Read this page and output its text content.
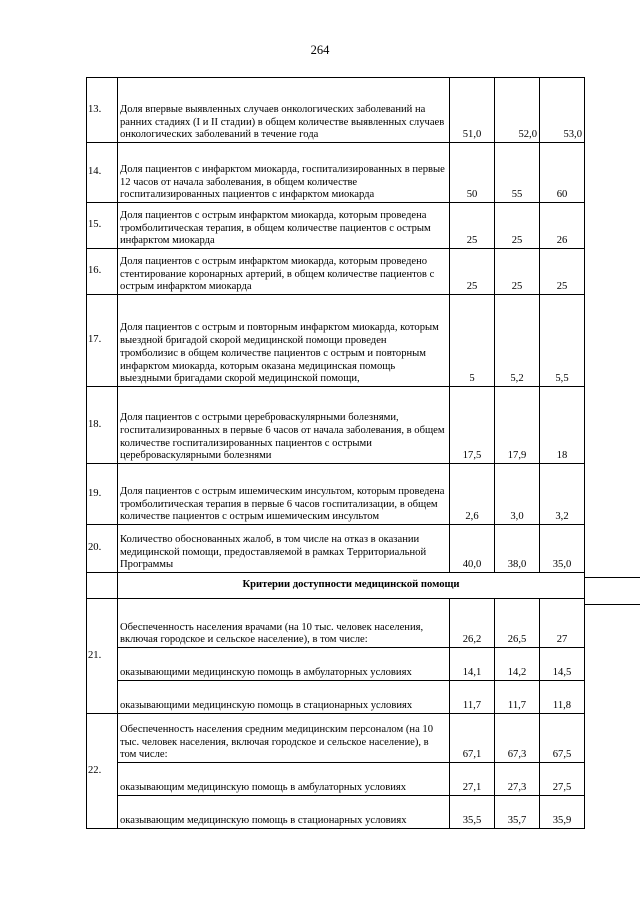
264
13.	Доля впервые выявленных случаев онкологических заболеваний на ранних стадиях (I и II стадии) в общем количестве выявленных случаев онкологических заболеваний в течение года	51,0	52,0	53,0
14.	Доля пациентов с инфарктом миокарда, госпитализированных в первые 12 часов от начала заболевания, в общем количестве госпитализированных пациентов с инфарктом миокарда	50	55	60
15.	Доля пациентов с острым инфарктом миокарда, которым проведена тромболитическая терапия, в общем количестве пациентов с острым инфарктом миокарда	25	25	26
16.	Доля пациентов с острым инфарктом миокарда, которым проведено стентирование коронарных артерий, в общем количестве пациентов с острым инфарктом миокарда	25	25	25
17.	Доля пациентов с острым и повторным инфарктом миокарда, которым выездной бригадой скорой медицинской помощи проведен тромболизис в общем количестве пациентов с острым и повторным инфарктом миокарда, которым оказана медицинская помощь выездными бригадами скорой медицинской помощи,	5	5,2	5,5
18.	Доля пациентов с острыми цереброваскулярными болезнями, госпитализированных в первые 6 часов от начала заболевания, в общем количестве госпитализированных пациентов с острыми цереброваскулярными болезнями	17,5	17,9	18
19.	Доля пациентов с острым ишемическим инсультом, которым проведена тромболитическая терапия в первые 6 часов госпитализации, в общем количестве пациентов с острым ишемическим инсультом	2,6	3,0	3,2
20.	Количество обоснованных жалоб, в том числе на отказ в оказании медицинской помощи, предоставляемой в рамках Территориальной Программы	40,0	38,0	35,0
	Критерии доступности медицинской помощи			
21.	Обеспеченность населения врачами (на 10 тыс. человек населения, включая городское и сельское население), в том числе:	26,2	26,5	27
	оказывающими медицинскую помощь в амбулаторных условиях	14,1	14,2	14,5
	оказывающими медицинскую помощь в стационарных условиях	11,7	11,7	11,8
22.	Обеспеченность населения средним медицинским персоналом (на 10 тыс. человек населения, включая городское и сельское население), в том числе:	67,1	67,3	67,5
	оказывающим медицинскую помощь в амбулаторных условиях	27,1	27,3	27,5
	оказывающим медицинскую помощь в стационарных условиях	35,5	35,7	35,9
